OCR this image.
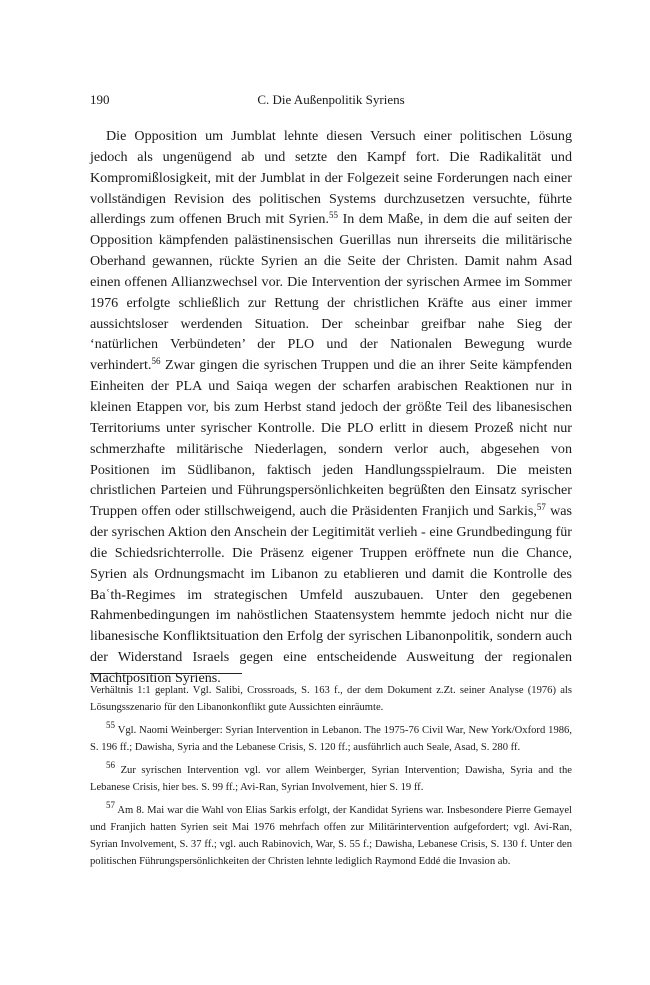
190	C. Die Außenpolitik Syriens

Die Opposition um Jumblat lehnte diesen Versuch einer politischen Lösung jedoch als ungenügend ab und setzte den Kampf fort. Die Radikalität und Kompromißlosigkeit, mit der Jumblat in der Folgezeit seine Forderungen nach einer vollständigen Revision des politischen Systems durchzusetzen versuchte, führte allerdings zum offenen Bruch mit Syrien.$^{55}$ In dem Maße, in dem die auf seiten der Opposition kämpfenden palästinensischen Guerillas nun ihrerseits die militärische Oberhand gewannen, rückte Syrien an die Seite der Christen. Damit nahm Asad einen offenen Allianzwechsel vor. Die Intervention der syrischen Armee im Sommer 1976 erfolgte schließlich zur Rettung der christlichen Kräfte aus einer immer aussichtsloser werdenden Situation. Der scheinbar greifbar nahe Sieg der ‘natürlichen Verbündeten’ der PLO und der Nationalen Bewegung wurde verhindert.$^{56}$ Zwar gingen die syrischen Truppen und die an ihrer Seite kämpfenden Einheiten der PLA und Saiqa wegen der scharfen arabischen Reaktionen nur in kleinen Etappen vor, bis zum Herbst stand jedoch der größte Teil des libanesischen Territoriums unter syrischer Kontrolle. Die PLO erlitt in diesem Prozeß nicht nur schmerzhafte militärische Niederlagen, sondern verlor auch, abgesehen von Positionen im Südlibanon, faktisch jeden Handlungsspielraum. Die meisten christlichen Parteien und Führungspersönlichkeiten begrüßten den Einsatz syrischer Truppen offen oder stillschweigend, auch die Präsidenten Franjich und Sarkis,$^{57}$ was der syrischen Aktion den Anschein der Legitimität verlieh - eine Grundbedingung für die Schiedsrichterrolle. Die Präsenz eigener Truppen eröffnete nun die Chance, Syrien als Ordnungsmacht im Libanon zu etablieren und damit die Kontrolle des Baʿth-Regimes im strategischen Umfeld auszubauen. Unter den gegebenen Rahmenbedingungen im nahöstlichen Staatensystem hemmte jedoch nicht nur die libanesische Konfliktsituation den Erfolg der syrischen Libanonpolitik, sondern auch der Widerstand Israels gegen eine entscheidende Ausweitung der regionalen Machtposition Syriens.

Verhältnis 1:1 geplant. Vgl. Salibi, Crossroads, S. 163 f., der dem Dokument z.Zt. seiner Analyse (1976) als Lösungsszenario für den Libanonkonflikt gute Aussichten einräumte.

$^{55}$ Vgl. Naomi Weinberger: Syrian Intervention in Lebanon. The 1975-76 Civil War, New York/Oxford 1986, S. 196 ff.; Dawisha, Syria and the Lebanese Crisis, S. 120 ff.; ausführlich auch Seale, Asad, S. 280 ff.

$^{56}$ Zur syrischen Intervention vgl. vor allem Weinberger, Syrian Intervention; Dawisha, Syria and the Lebanese Crisis, hier bes. S. 99 ff.; Avi-Ran, Syrian Involvement, hier S. 19 ff.

$^{57}$ Am 8. Mai war die Wahl von Elias Sarkis erfolgt, der Kandidat Syriens war. Insbesondere Pierre Gemayel und Franjich hatten Syrien seit Mai 1976 mehrfach offen zur Militärintervention aufgefordert; vgl. Avi-Ran, Syrian Involvement, S. 37 ff.; vgl. auch Rabinovich, War, S. 55 f.; Dawisha, Lebanese Crisis, S. 130 f. Unter den politischen Führungspersönlichkeiten der Christen lehnte lediglich Raymond Eddé die Invasion ab.
